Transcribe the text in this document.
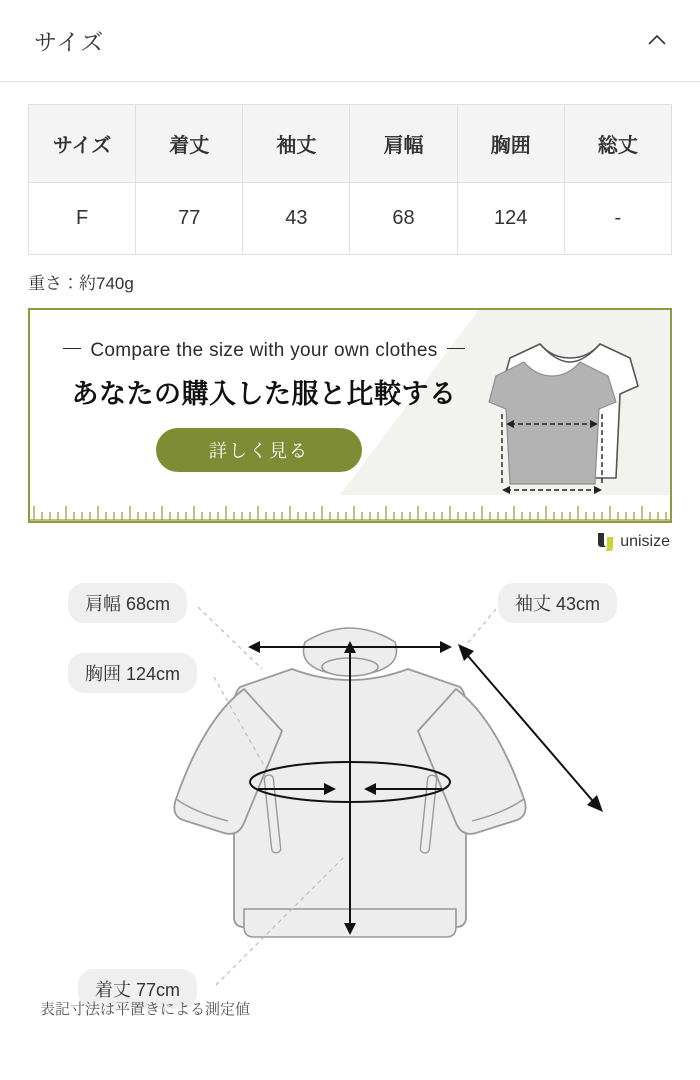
サイズ
サイズ	着丈	袖丈	肩幅	胸囲	総丈
F	77	43	68	124	-
重さ：約740g
Compare the size with your own clothes
あなたの購入した服と比較する
詳しく見る
unisize
肩幅 68cm
胸囲 124cm
袖丈 43cm
着丈 77cm
表記寸法は平置きによる測定値
